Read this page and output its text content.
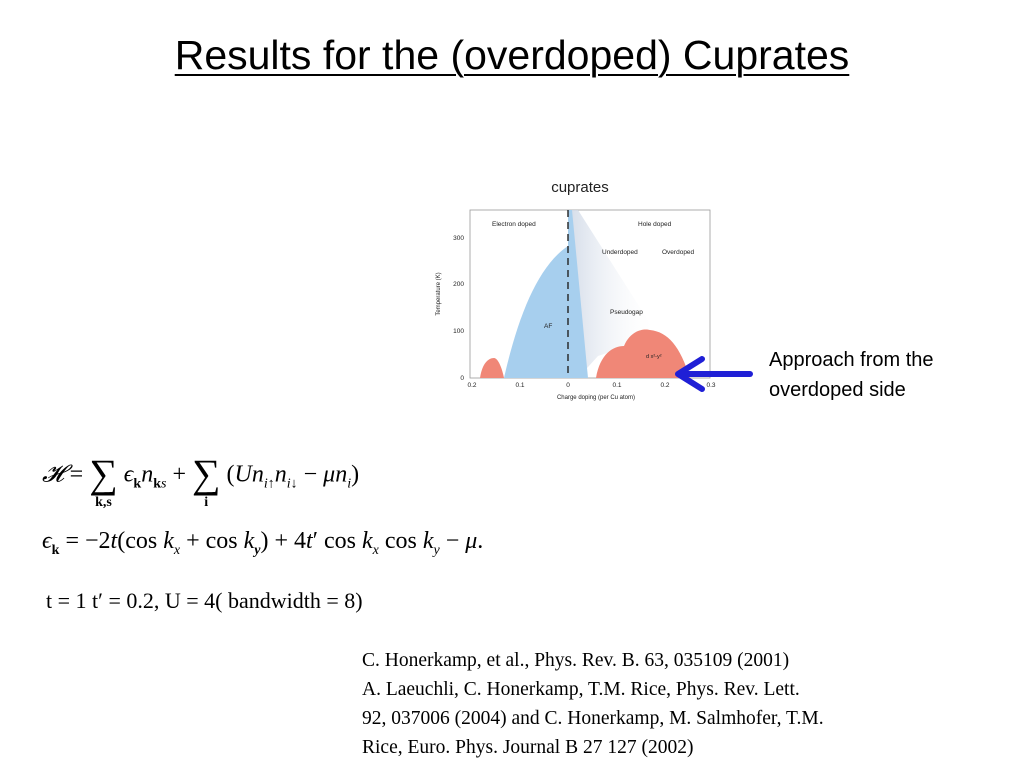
Results for the (overdoped) Cuprates
cuprates
Electron doped	Hole doped
Underdoped	Overdoped
Pseudogap
AF
d x²-y²
300
200
100
0
Temperature (K)
0.2	0.1	0	0.1	0.2	0.3
Charge doping (per Cu atom)
Approach from the
overdoped side
𝓗 = ∑
k,s
$\epsilon_kn_{ks}$ + ∑
i
$(Un_{i↑}n_{i↓} - \mu n_i)$
$\epsilon_k = -2t(\cos$ $k_x + \cos k_y) + 4t'$ $\cos k_x$ $\cos k_y - \mu$.
t = 1 t′ = 0.2, U = 4( bandwidth = 8)
C. Honerkamp, et al., Phys. Rev. B. 63, 035109 (2001)
A. Laeuchli, C. Honerkamp, T.M. Rice, Phys. Rev. Lett.
92, 037006 (2004) and C. Honerkamp, M. Salmhofer, T.M.
Rice, Euro. Phys. Journal B 27 127 (2002)
